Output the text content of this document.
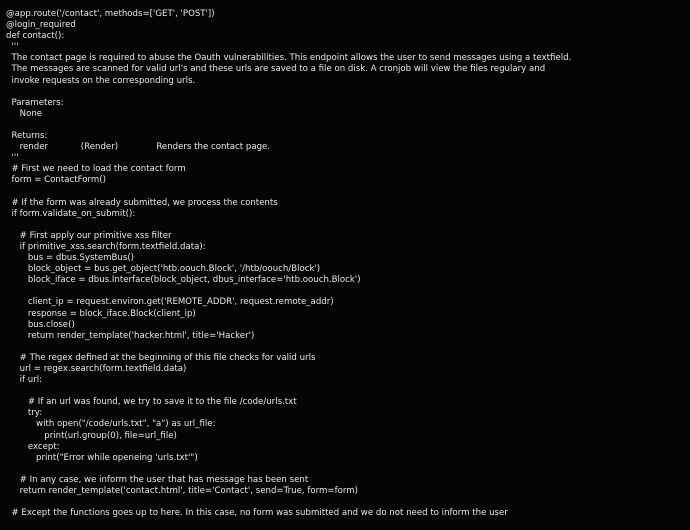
@app.route('/contact', methods=['GET', 'POST'])
@login_required
def contact():
'''
The contact page is required to abuse the Oauth vulnerabilities. This endpoint allows the user to send messages using a textfield.
The messages are scanned for valid url's and these urls are saved to a file on disk. A cronjob will view the files regulary and
invoke requests on the corresponding urls.
Parameters:
None
Returns:
render            (Render)              Renders the contact page.
'''
# First we need to load the contact form
form = ContactForm()
# If the form was already submitted, we process the contents
if form.validate_on_submit():
# First apply our primitive xss filter
if primitive_xss.search(form.textfield.data):
bus = dbus.SystemBus()
block_object = bus.get_object('htb.oouch.Block', '/htb/oouch/Block')
block_iface = dbus.Interface(block_object, dbus_interface='htb.oouch.Block')
client_ip = request.environ.get('REMOTE_ADDR', request.remote_addr)
response = block_iface.Block(client_ip)
bus.close()
return render_template('hacker.html', title='Hacker')
# The regex defined at the beginning of this file checks for valid urls
url = regex.search(form.textfield.data)
if url:
# If an url was found, we try to save it to the file /code/urls.txt
try:
with open("/code/urls.txt", "a") as url_file:
print(url.group(0), file=url_file)
except:
print("Error while openeing 'urls.txt'")
# In any case, we inform the user that has message has been sent
return render_template('contact.html', title='Contact', send=True, form=form)
# Except the functions goes up to here. In this case, no form was submitted and we do not need to inform the user
